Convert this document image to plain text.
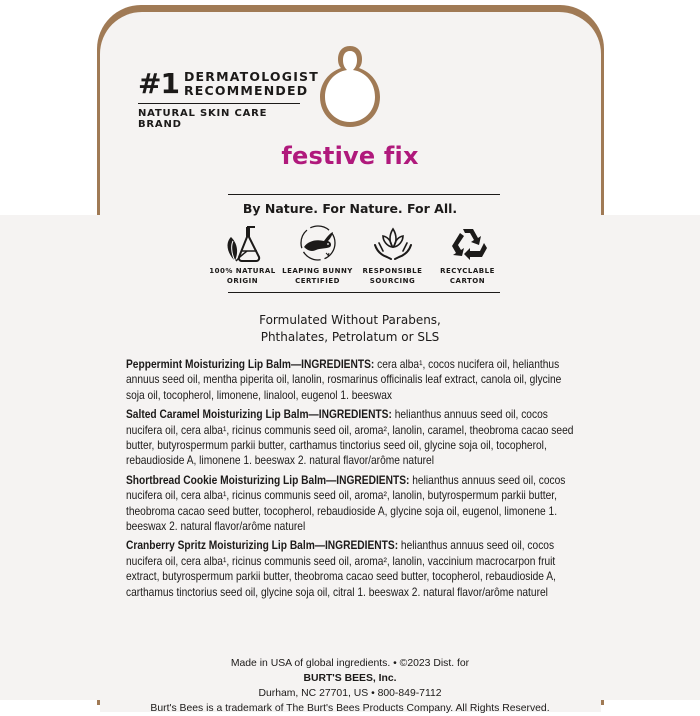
#1 DERMATOLOGIST
RECOMMENDED
NATURAL SKIN CARE BRAND
festive fix
By Nature. For Nature. For All.
100% NATURAL
ORIGIN
LEAPING BUNNY
CERTIFIED
RESPONSIBLE
SOURCING
RECYCLABLE
CARTON
Formulated Without Parabens,
Phthalates, Petrolatum or SLS
Peppermint Moisturizing Lip Balm—INGREDIENTS: cera alba¹, cocos nucifera oil, helianthus annuus seed oil, mentha piperita oil, lanolin, rosmarinus officinalis leaf extract, canola oil, glycine soja oil, tocopherol, limonene, linalool, eugenol 1. beeswax
Salted Caramel Moisturizing Lip Balm—INGREDIENTS: helianthus annuus seed oil, cocos nucifera oil, cera alba¹, ricinus communis seed oil, aroma², lanolin, caramel, theobroma cacao seed butter, butyrospermum parkii butter, carthamus tinctorius seed oil, glycine soja oil, tocopherol, rebaudioside A, limonene 1. beeswax 2. natural flavor/arôme naturel
Shortbread Cookie Moisturizing Lip Balm—INGREDIENTS: helianthus annuus seed oil, cocos nucifera oil, cera alba¹, ricinus communis seed oil, aroma², lanolin, butyrospermum parkii butter, theobroma cacao seed butter, tocopherol, rebaudioside A, glycine soja oil, eugenol, limonene 1. beeswax 2. natural flavor/arôme naturel
Cranberry Spritz Moisturizing Lip Balm—INGREDIENTS: helianthus annuus seed oil, cocos nucifera oil, cera alba¹, ricinus communis seed oil, aroma², lanolin, vaccinium macrocarpon fruit extract, butyrospermum parkii butter, theobroma cacao seed butter, tocopherol, rebaudioside A, carthamus tinctorius seed oil, glycine soja oil, citral 1. beeswax 2. natural flavor/arôme naturel
Made in USA of global ingredients. • ©2023 Dist. for
BURT'S BEES, Inc.
Durham, NC 27701, US • 800-849-7112
Burt's Bees is a trademark of The Burt's Bees Products Company. All Rights Reserved.
